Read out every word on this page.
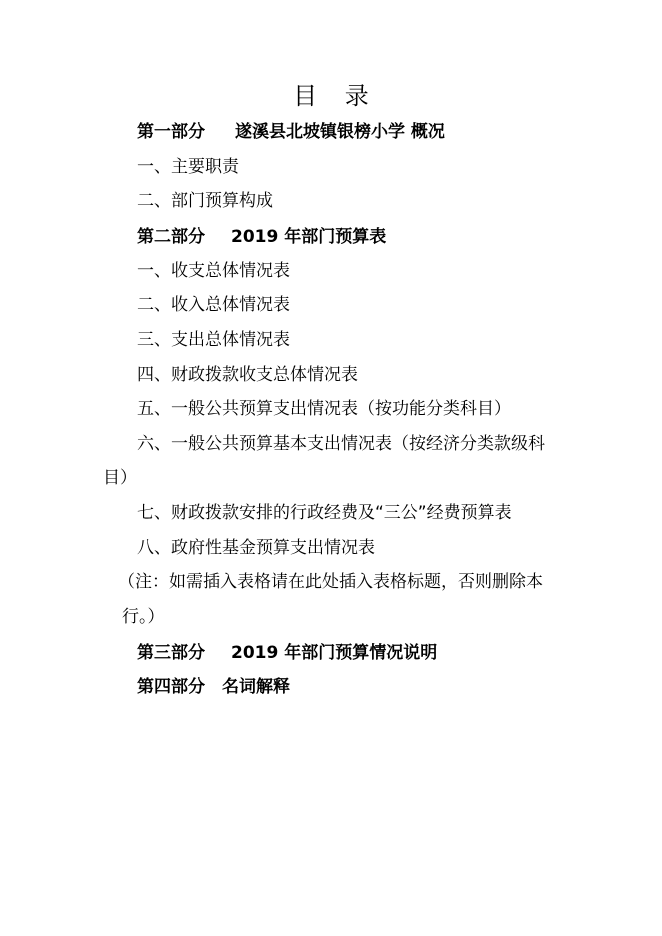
目 录
第一部分 遂溪县北坡镇银榜小学 概况
一、主要职责
二、部门预算构成
第二部分 2019 年部门预算表
一、收支总体情况表
二、收入总体情况表
三、支出总体情况表
四、财政拨款收支总体情况表
五、一般公共预算支出情况表（按功能分类科目）
六、一般公共预算基本支出情况表（按经济分类款级科
目）
七、财政拨款安排的行政经费及“三公”经费预算表
八、政府性基金预算支出情况表
（注：如需插入表格请在此处插入表格标题，否则删除本
行。）
第三部分 2019 年部门预算情况说明
第四部分 名词解释
